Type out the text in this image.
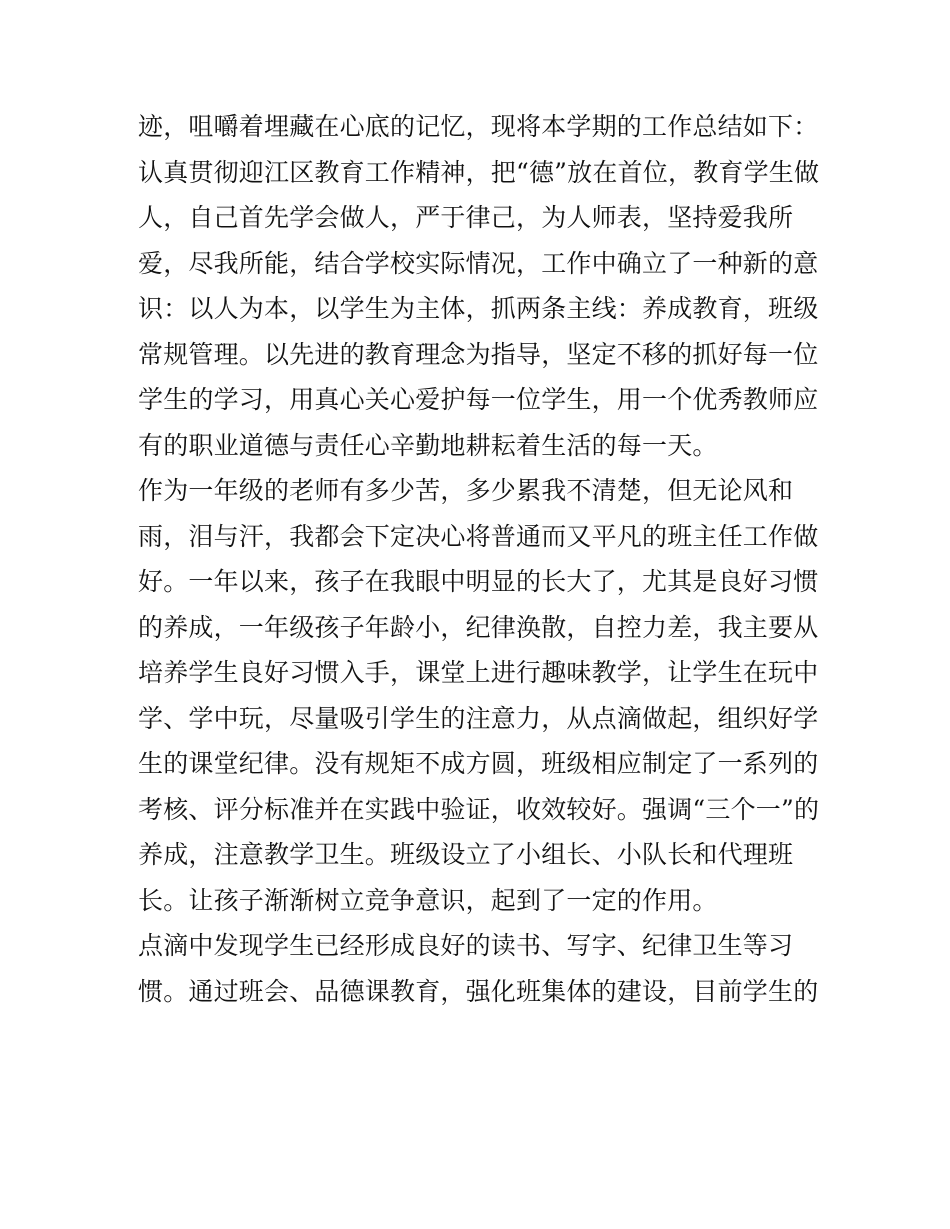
迹，咀嚼着埋藏在心底的记忆，现将本学期的工作总结如下：
认真贯彻迎江区教育工作精神，把“德”放在首位，教育学生做
人，自己首先学会做人，严于律己，为人师表，坚持爱我所
爱，尽我所能，结合学校实际情况，工作中确立了一种新的意
识：以人为本，以学生为主体，抓两条主线：养成教育，班级
常规管理。以先进的教育理念为指导，坚定不移的抓好每一位
学生的学习，用真心关心爱护每一位学生，用一个优秀教师应
有的职业道德与责任心辛勤地耕耘着生活的每一天。
作为一年级的老师有多少苦，多少累我不清楚，但无论风和
雨，泪与汗，我都会下定决心将普通而又平凡的班主任工作做
好。一年以来，孩子在我眼中明显的长大了，尤其是良好习惯
的养成，一年级孩子年龄小，纪律涣散，自控力差，我主要从
培养学生良好习惯入手，课堂上进行趣味教学，让学生在玩中
学、学中玩，尽量吸引学生的注意力，从点滴做起，组织好学
生的课堂纪律。没有规矩不成方圆，班级相应制定了一系列的
考核、评分标准并在实践中验证，收效较好。强调“三个一”的
养成，注意教学卫生。班级设立了小组长、小队长和代理班
长。让孩子渐渐树立竞争意识，起到了一定的作用。
点滴中发现学生已经形成良好的读书、写字、纪律卫生等习
惯。通过班会、品德课教育，强化班集体的建设，目前学生的
